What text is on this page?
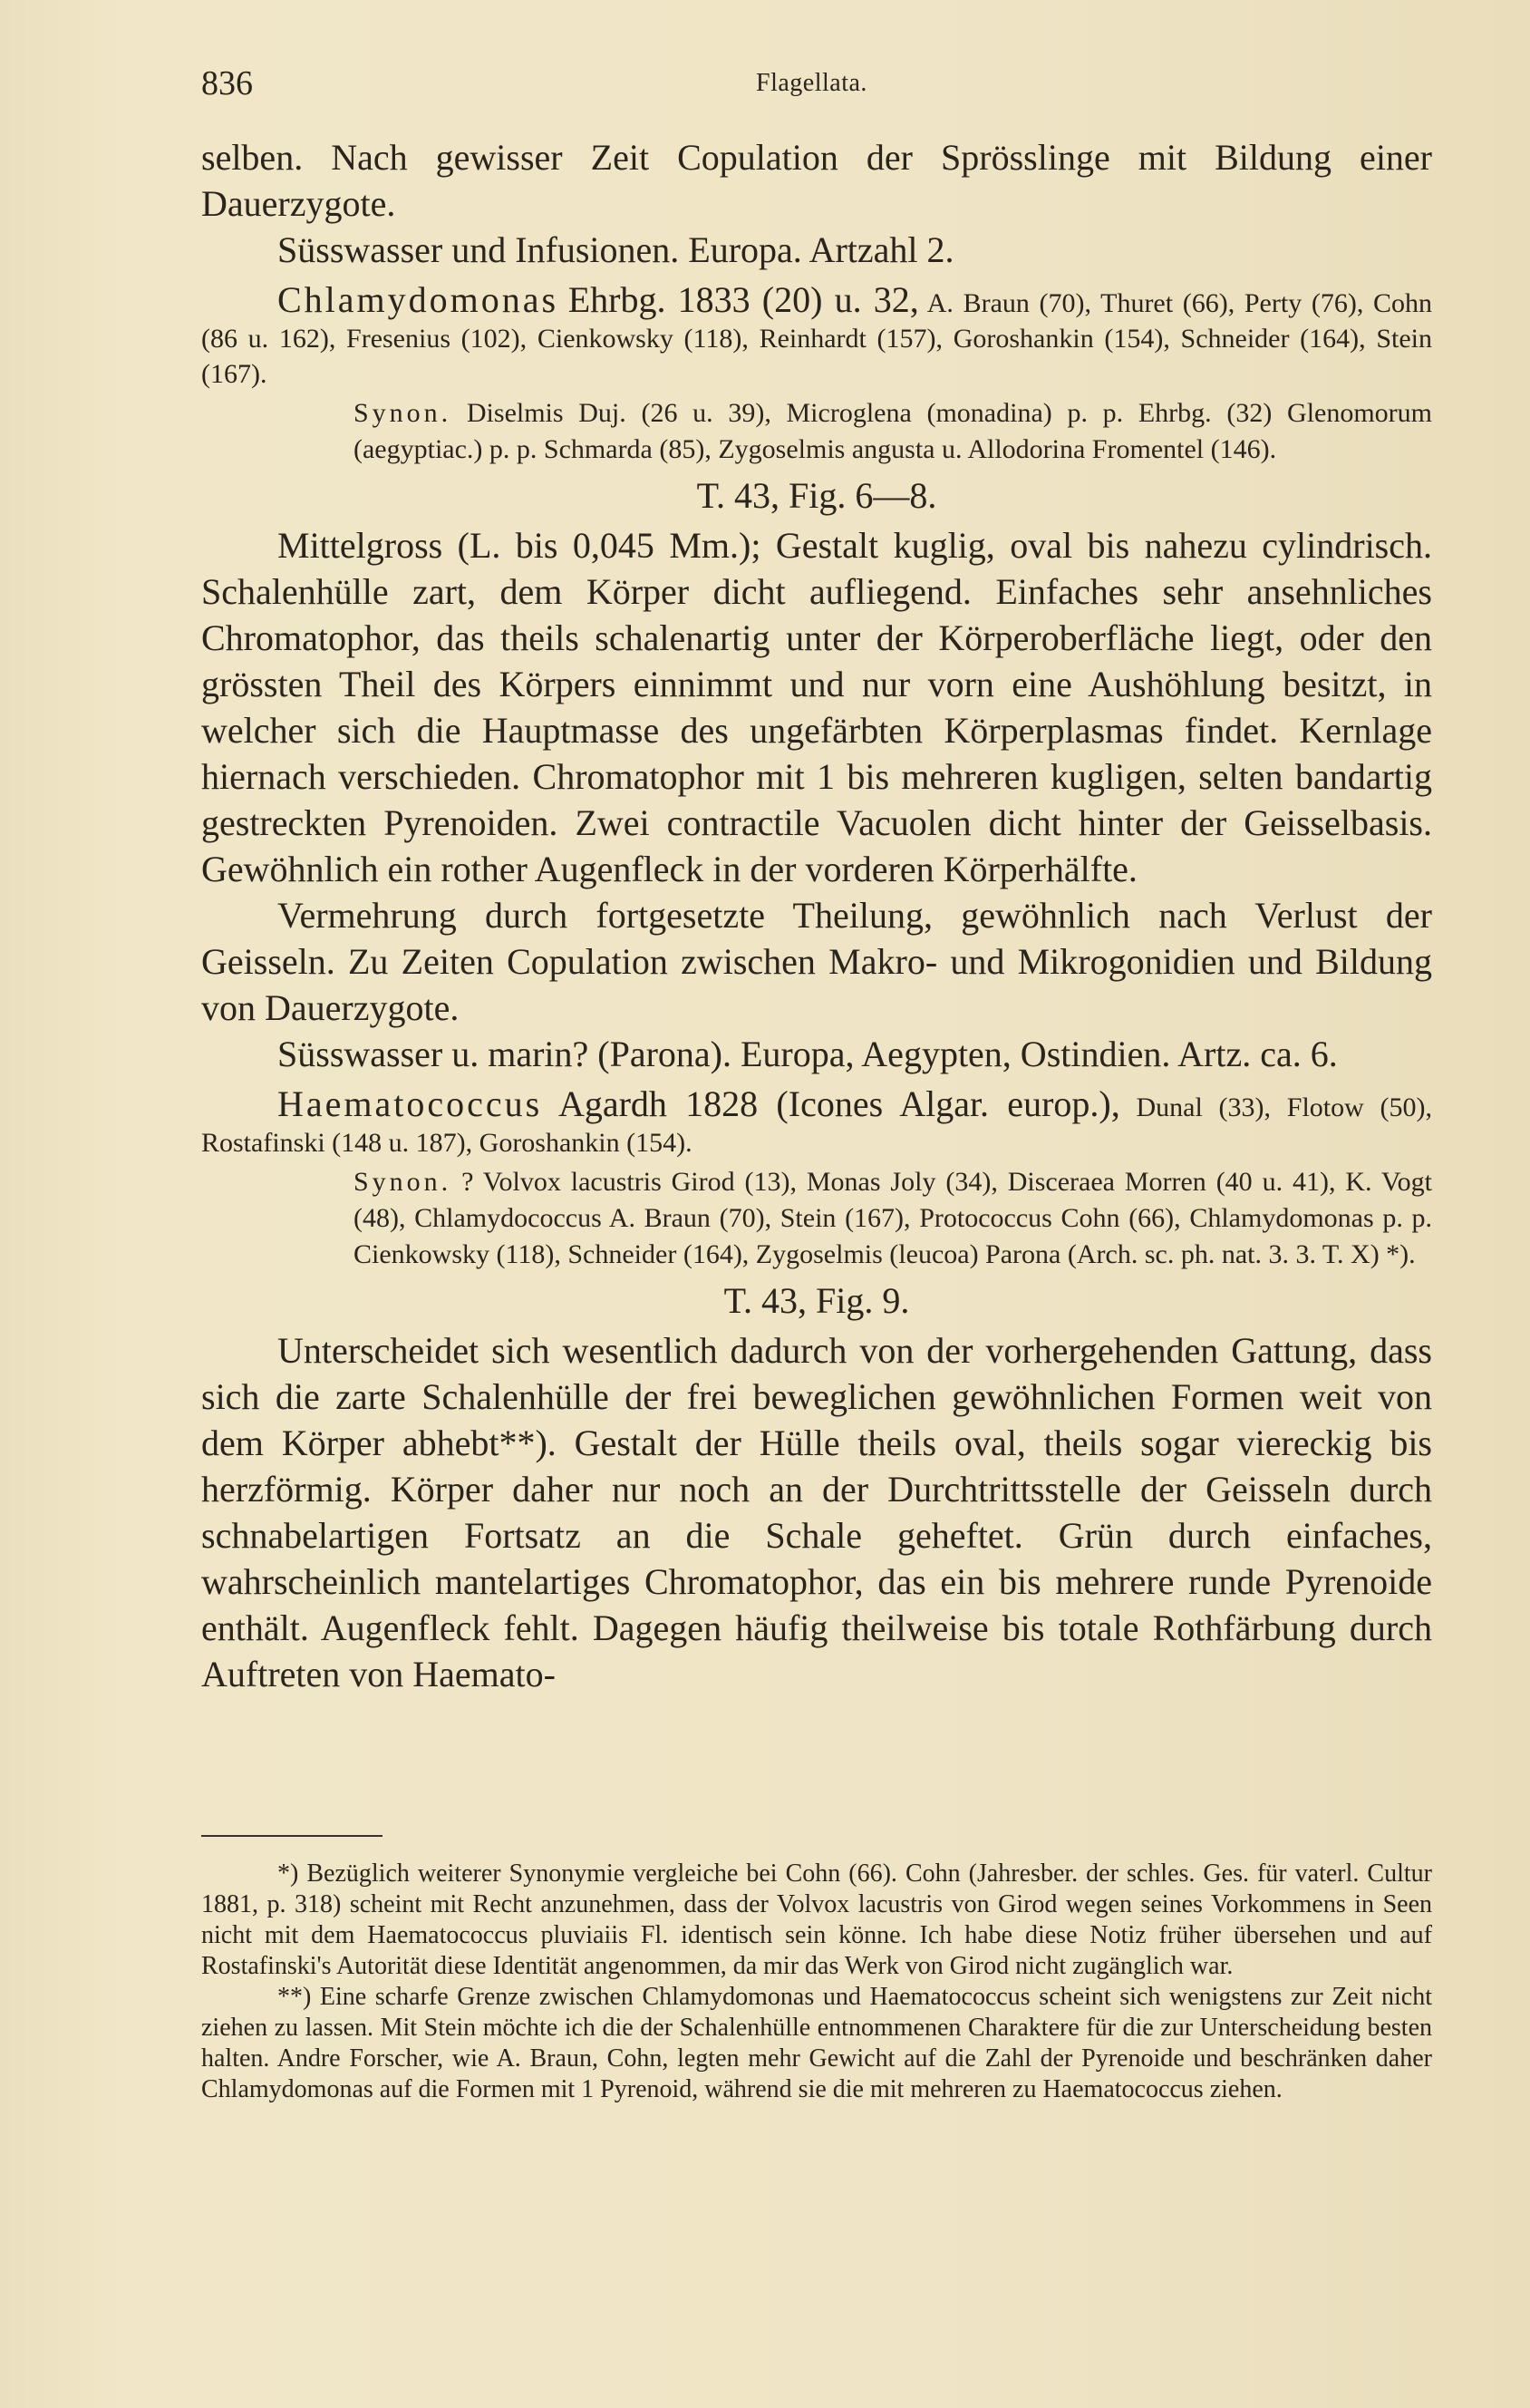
836	Flagellata.

selben. Nach gewisser Zeit Copulation der Sprösslinge mit Bildung einer Dauerzygote.

Süsswasser und Infusionen. Europa. Artzahl 2.

Chlamydomonas Ehrbg. 1833 (20) u. 32, A. Braun (70), Thuret (66), Perty (76), Cohn (86 u. 162), Fresenius (102), Cienkowsky (118), Reinhardt (157), Goroshankin (154), Schneider (164), Stein (167).

Synon. Diselmis Duj. (26 u. 39), Microglena (monadina) p. p. Ehrbg. (32) Glenomorum (aegyptiac.) p. p. Schmarda (85), Zygoselmis angusta u. Allodorina Fromentel (146).

T. 43, Fig. 6—8.

Mittelgross (L. bis 0,045 Mm.); Gestalt kuglig, oval bis nahezu cylindrisch. Schalenhülle zart, dem Körper dicht aufliegend. Einfaches sehr ansehnliches Chromatophor, das theils schalenartig unter der Körperoberfläche liegt, oder den grössten Theil des Körpers einnimmt und nur vorn eine Aushöhlung besitzt, in welcher sich die Hauptmasse des ungefärbten Körperplasmas findet. Kernlage hiernach verschieden. Chromatophor mit 1 bis mehreren kugligen, selten bandartig gestreckten Pyrenoiden. Zwei contractile Vacuolen dicht hinter der Geisselbasis. Gewöhnlich ein rother Augenfleck in der vorderen Körperhälfte.

Vermehrung durch fortgesetzte Theilung, gewöhnlich nach Verlust der Geisseln. Zu Zeiten Copulation zwischen Makro- und Mikrogonidien und Bildung von Dauerzygote.

Süsswasser u. marin? (Parona). Europa, Aegypten, Ostindien. Artz. ca. 6.

Haematococcus Agardh 1828 (Icones Algar. europ.), Dunal (33), Flotow (50), Rostafinski (148 u. 187), Goroshankin (154).

Synon. ? Volvox lacustris Girod (13), Monas Joly (34), Disceraea Morren (40 u. 41), K. Vogt (48), Chlamydococcus A. Braun (70), Stein (167), Protococcus Cohn (66), Chlamydomonas p. p. Cienkowsky (118), Schneider (164), Zygoselmis (leucoa) Parona (Arch. sc. ph. nat. 3. 3. T. X) *).

T. 43, Fig. 9.

Unterscheidet sich wesentlich dadurch von der vorhergehenden Gattung, dass sich die zarte Schalenhülle der frei beweglichen gewöhnlichen Formen weit von dem Körper abhebt**). Gestalt der Hülle theils oval, theils sogar viereckig bis herzförmig. Körper daher nur noch an der Durchtrittsstelle der Geisseln durch schnabelartigen Fortsatz an die Schale geheftet. Grün durch einfaches, wahrscheinlich mantelartiges Chromatophor, das ein bis mehrere runde Pyrenoide enthält. Augenfleck fehlt. Dagegen häufig theilweise bis totale Rothfärbung durch Auftreten von Haemato-

*) Bezüglich weiterer Synonymie vergleiche bei Cohn (66). Cohn (Jahresber. der schles. Ges. für vaterl. Cultur 1881, p. 318) scheint mit Recht anzunehmen, dass der Volvox lacustris von Girod wegen seines Vorkommens in Seen nicht mit dem Haematococcus pluviaiis Fl. identisch sein könne. Ich habe diese Notiz früher übersehen und auf Rostafinski's Autorität diese Identität angenommen, da mir das Werk von Girod nicht zugänglich war.

**) Eine scharfe Grenze zwischen Chlamydomonas und Haematococcus scheint sich wenigstens zur Zeit nicht ziehen zu lassen. Mit Stein möchte ich die der Schalenhülle entnommenen Charaktere für die zur Unterscheidung besten halten. Andre Forscher, wie A. Braun, Cohn, legten mehr Gewicht auf die Zahl der Pyrenoide und beschränken daher Chlamydomonas auf die Formen mit 1 Pyrenoid, während sie die mit mehreren zu Haematococcus ziehen.
